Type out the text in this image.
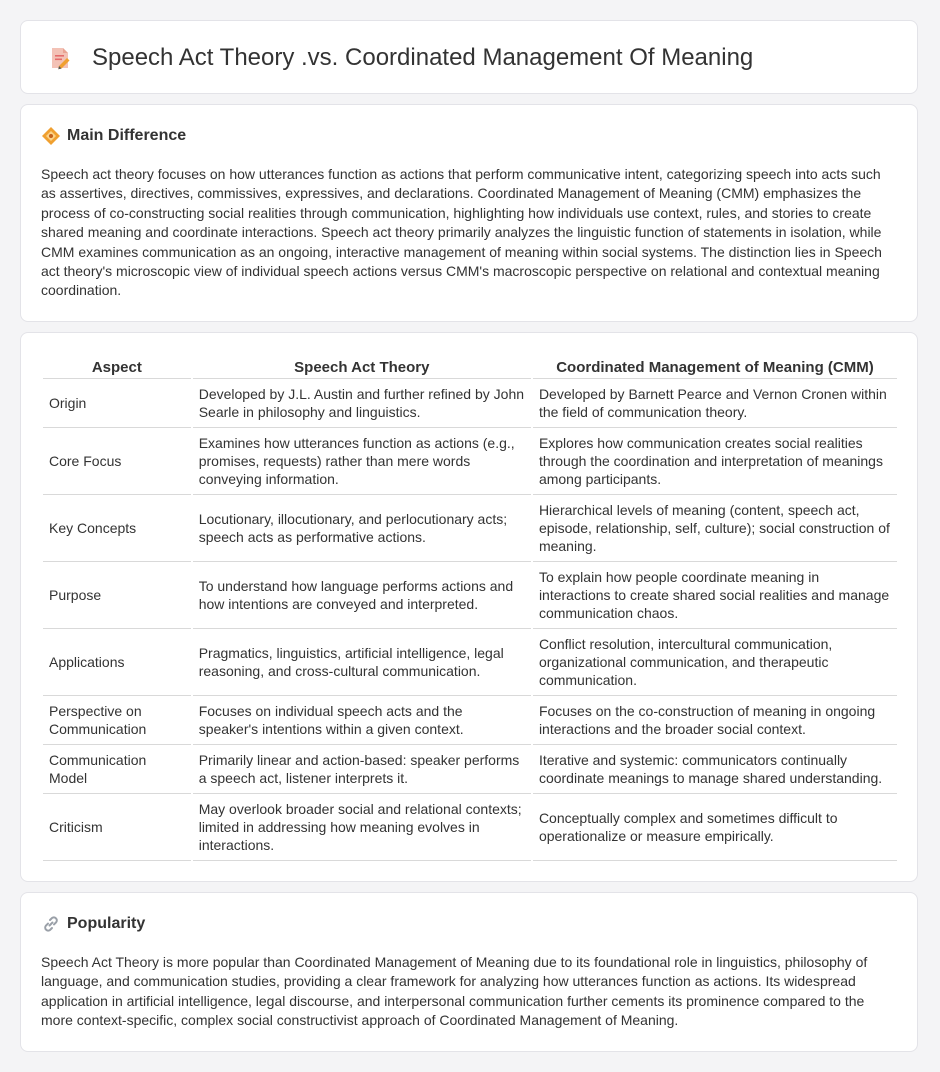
Speech Act Theory .vs. Coordinated Management Of Meaning
Main Difference

Speech act theory focuses on how utterances function as actions that perform communicative intent, categorizing speech into acts such as assertives, directives, commissives, expressives, and declarations. Coordinated Management of Meaning (CMM) emphasizes the process of co-constructing social realities through communication, highlighting how individuals use context, rules, and stories to create shared meaning and coordinate interactions. Speech act theory primarily analyzes the linguistic function of statements in isolation, while CMM examines communication as an ongoing, interactive management of meaning within social systems. The distinction lies in Speech act theory's microscopic view of individual speech actions versus CMM's macroscopic perspective on relational and contextual meaning coordination.

Aspect	Speech Act Theory	Coordinated Management of Meaning (CMM)
Origin	Developed by J.L. Austin and further refined by John Searle in philosophy and linguistics.	Developed by Barnett Pearce and Vernon Cronen within the field of communication theory.
Core Focus	Examines how utterances function as actions (e.g., promises, requests) rather than mere words conveying information.	Explores how communication creates social realities through the coordination and interpretation of meanings among participants.
Key Concepts	Locutionary, illocutionary, and perlocutionary acts; speech acts as performative actions.	Hierarchical levels of meaning (content, speech act, episode, relationship, self, culture); social construction of meaning.
Purpose	To understand how language performs actions and how intentions are conveyed and interpreted.	To explain how people coordinate meaning in interactions to create shared social realities and manage communication chaos.
Applications	Pragmatics, linguistics, artificial intelligence, legal reasoning, and cross-cultural communication.	Conflict resolution, intercultural communication, organizational communication, and therapeutic communication.
Perspective on Communication	Focuses on individual speech acts and the speaker's intentions within a given context.	Focuses on the co-construction of meaning in ongoing interactions and the broader social context.
Communication Model	Primarily linear and action-based: speaker performs a speech act, listener interprets it.	Iterative and systemic: communicators continually coordinate meanings to manage shared understanding.
Criticism	May overlook broader social and relational contexts; limited in addressing how meaning evolves in interactions.	Conceptually complex and sometimes difficult to operationalize or measure empirically.
Popularity

Speech Act Theory is more popular than Coordinated Management of Meaning due to its foundational role in linguistics, philosophy of language, and communication studies, providing a clear framework for analyzing how utterances function as actions. Its widespread application in artificial intelligence, legal discourse, and interpersonal communication further cements its prominence compared to the more context-specific, complex social constructivist approach of Coordinated Management of Meaning.
